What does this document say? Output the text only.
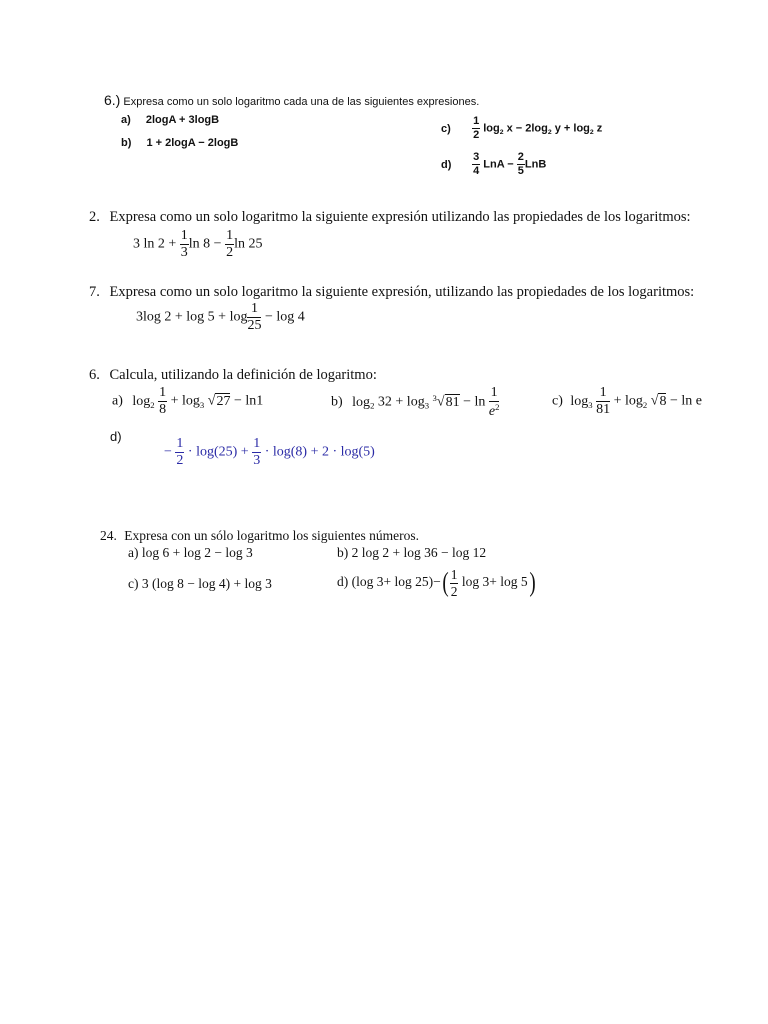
6.) Expresa como un solo logaritmo cada una de las siguientes expresiones.
a) 2logA + 3logB
b) 1 + 2logA − 2logB
$c) \frac{1}{2} \log_2 x - 2\log_2$ $y + \log_2 z$
$d) \frac{3}{4}$ LnA − $\frac{2}{5}$ LnB
2. Expresa como un solo logaritmo la siguiente expresión utilizando las propiedades de los logaritmos:
3 $\ln 2 + \frac{1}{3}$ $\ln 8 - \frac{1}{2}$ ln 25
7. Expresa como un solo logaritmo la siguiente expresión, utilizando las propiedades de los logaritmos:
3log $2 + \log 5 + \log \frac{1}{25} - \log 4$
6. Calcula, utilizando la definición de logaritmo:
a) $\log_2 \frac{1}{8} + \log_3 √27 - \ln 1$	b) $\log_2 32 + \log_3 ^3√81 - \ln \frac{1}{e^2}$	c) $\log_3 \frac{1}{81} + \log_2 √8 - \ln e$
d)
− $\frac{1}{2} \cdot \log(25) + \frac{1}{3} \cdot \log(8) + 2 \cdot \log(5)$
24. Expresa con un sólo logaritmo los siguientes números.
a) log 6 + log 2 − log 3	b) 2 log 2 + log 36 − log 12
c) 3 (log 8 − log 4) + log 3	d) (log $3+ \log 25)-( \frac{1}{2}$ log 3+ log 5)
